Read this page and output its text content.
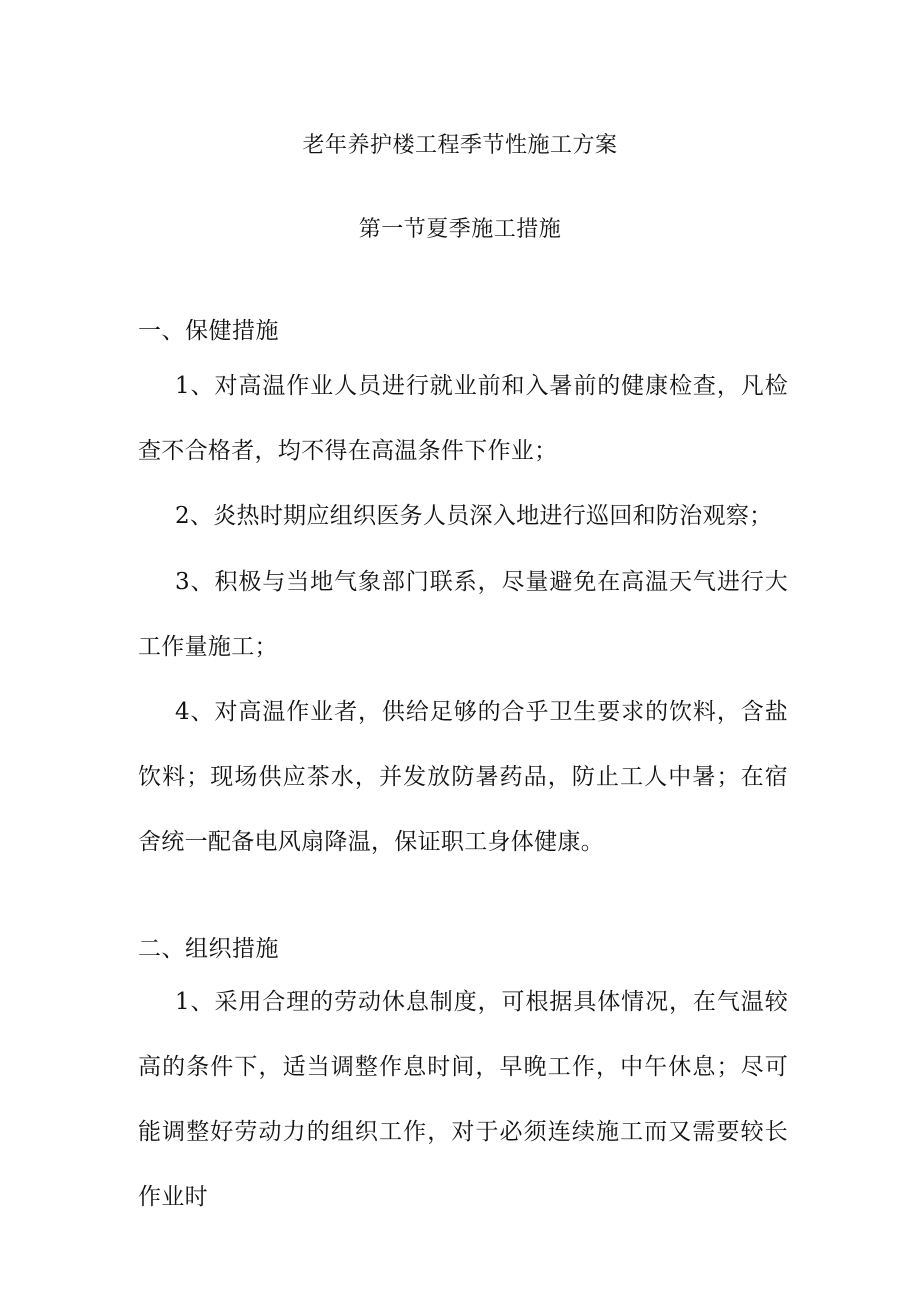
老年养护楼工程季节性施工方案
第一节夏季施工措施
一、保健措施

1、对高温作业人员进行就业前和入暑前的健康检查，凡检查不合格者，均不得在高温条件下作业；

2、炎热时期应组织医务人员深入地进行巡回和防治观察；

3、积极与当地气象部门联系，尽量避免在高温天气进行大工作量施工；

4、对高温作业者，供给足够的合乎卫生要求的饮料，含盐饮料；现场供应茶水，并发放防暑药品，防止工人中暑；在宿舍统一配备电风扇降温，保证职工身体健康。

二、组织措施

1、采用合理的劳动休息制度，可根据具体情况，在气温较高的条件下，适当调整作息时间，早晚工作，中午休息；尽可能调整好劳动力的组织工作，对于必须连续施工而又需要较长作业时
